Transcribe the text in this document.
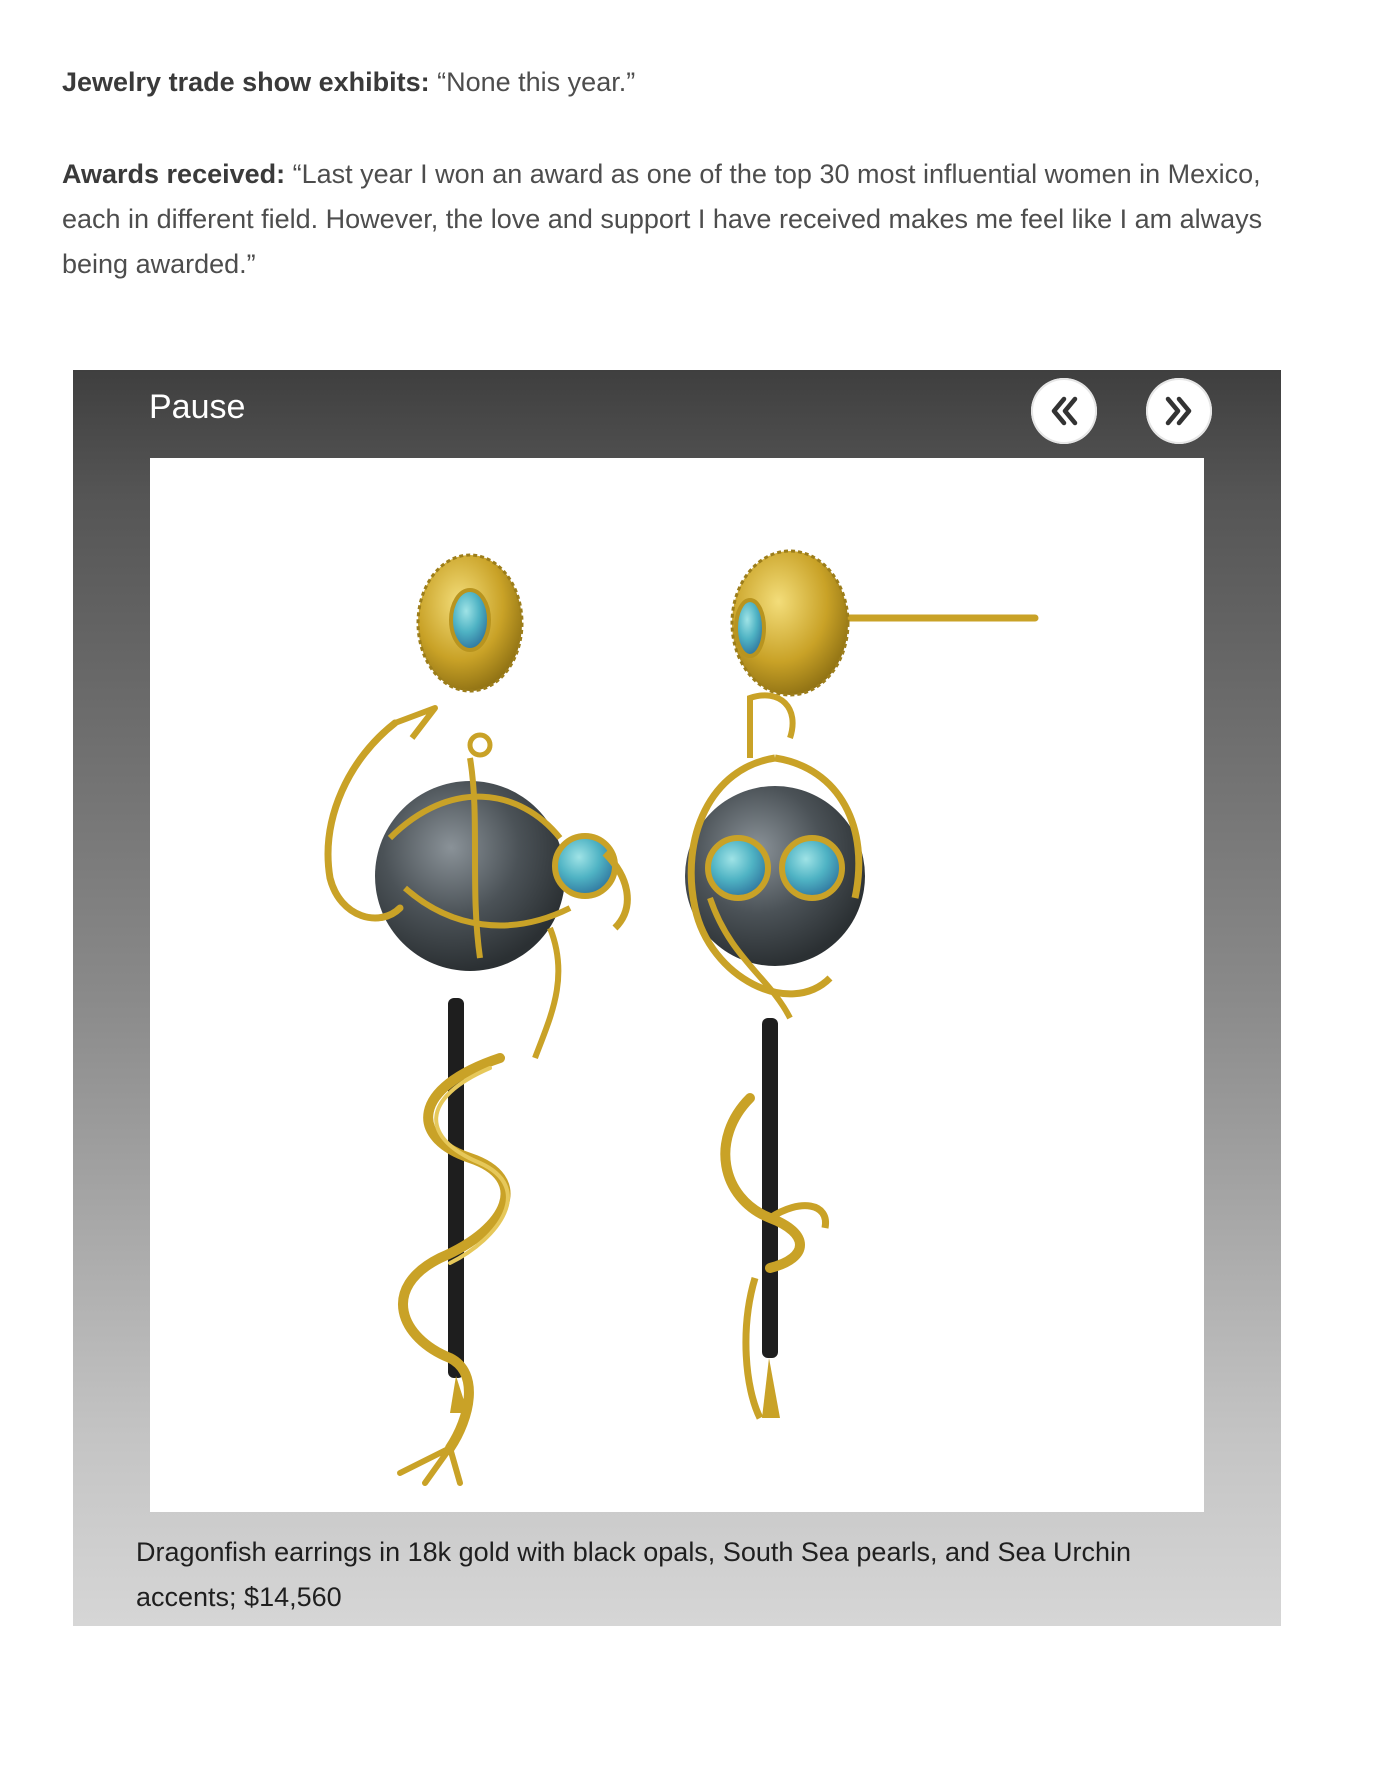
Jewelry trade show exhibits: “None this year.”

Awards received: “Last year I won an award as one of the top 30 most influential women in Mexico, each in different field. However, the love and support I have received makes me feel like I am always being awarded.”

Pause

Dragonfish earrings in 18k gold with black opals, South Sea pearls, and Sea Urchin accents; $14,560
